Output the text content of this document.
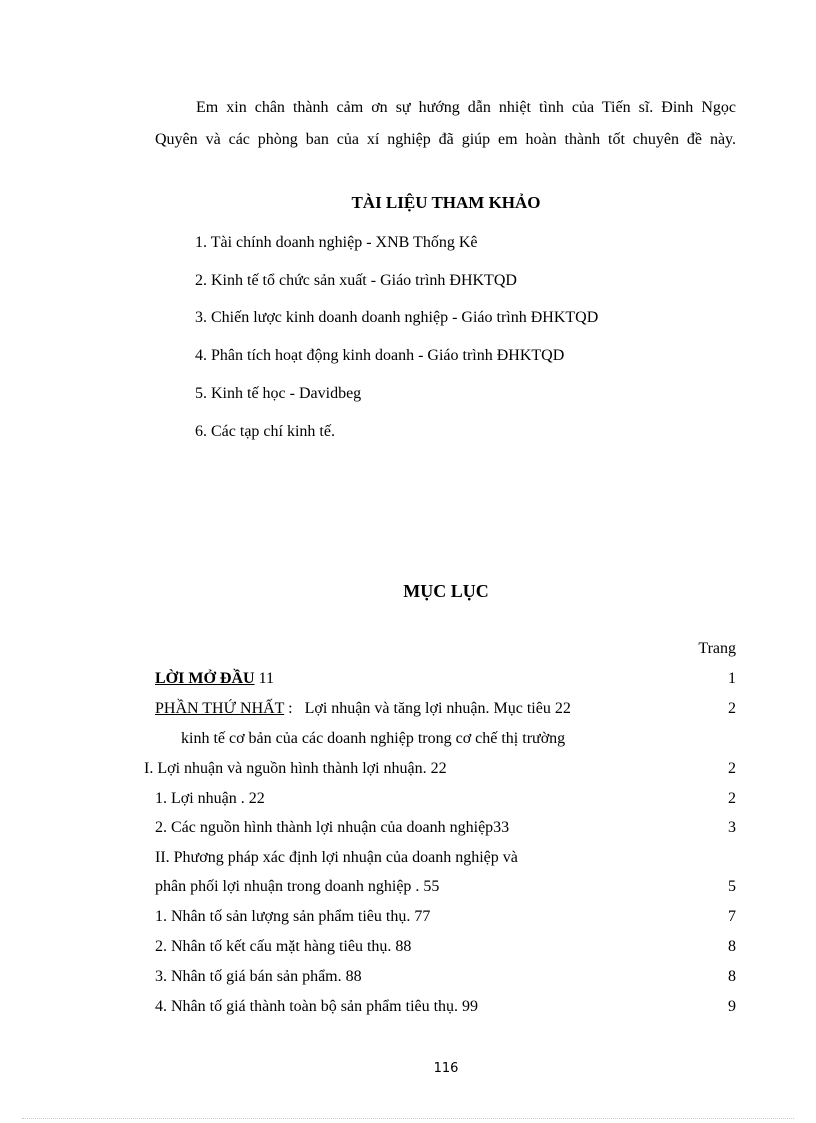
Em xin chân thành cảm ơn sự hướng dẫn nhiệt tình của Tiến sĩ. Đinh Ngọc
Quyên và các phòng ban của xí nghiệp đã giúp em hoàn thành tốt chuyên đề này.
TÀI LIỆU THAM KHẢO
1. Tài chính doanh nghiệp - XNB Thống Kê
2. Kinh tế tổ chức sản xuất - Giáo trình ĐHKTQD
3. Chiến lược kinh doanh doanh nghiệp - Giáo trình ĐHKTQD
4. Phân tích hoạt động kinh doanh - Giáo trình ĐHKTQD
5. Kinh tế học - Davidbeg
6. Các tạp chí kinh tế.
MỤC LỤC
Trang
LỜI MỞ ĐẦU 11	1
PHẦN THỨ NHẤT :   Lợi nhuận và tăng lợi nhuận. Mục tiêu 22	2
kinh tế cơ bản của các doanh nghiệp trong cơ chế thị trường
I. Lợi nhuận và nguồn hình thành lợi nhuận. 22	2
1. Lợi nhuận . 22	2
2. Các nguồn hình thành lợi nhuận của doanh nghiệp33	3
II. Phương pháp xác định lợi nhuận của doanh nghiệp và
phân phối lợi nhuận trong doanh nghiệp . 55	5
1. Nhân tố sản lượng sản phẩm tiêu thụ. 77	7
2. Nhân tố kết cấu mặt hàng tiêu thụ. 88	8
3. Nhân tố giá bán sản phẩm. 88	8
4. Nhân tố giá thành toàn bộ sản phẩm tiêu thụ. 99	9
116
